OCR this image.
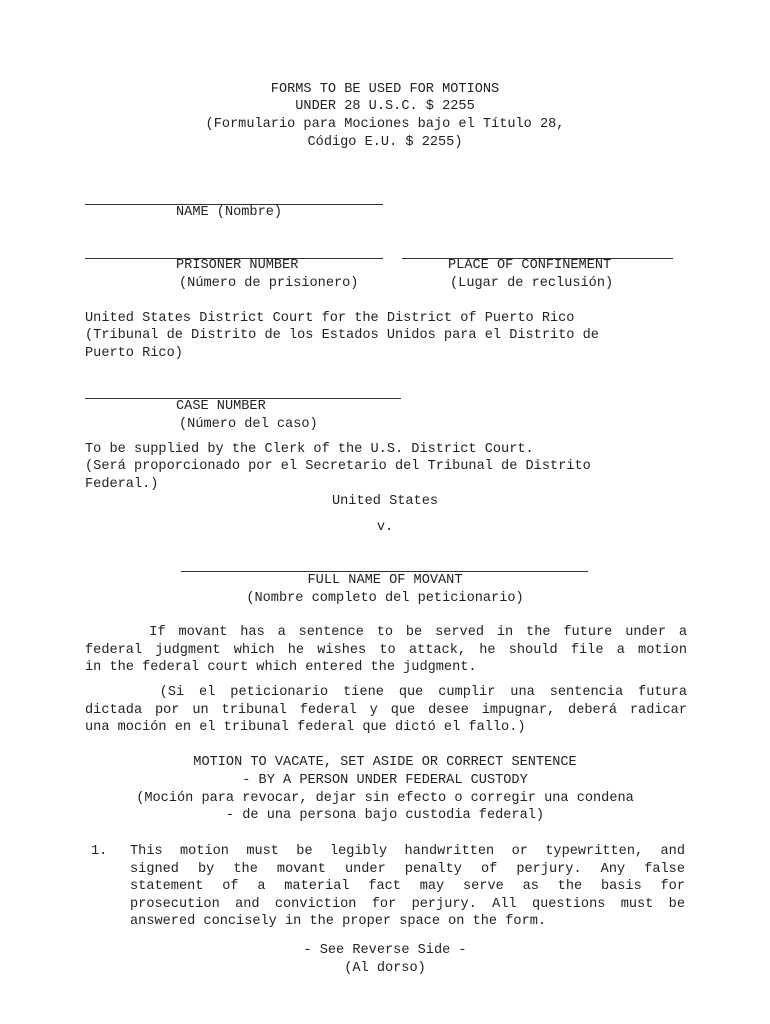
FORMS TO BE USED FOR MOTIONS
UNDER 28 U.S.C. $ 2255
(Formulario para Mociones bajo el Título 28,
Código E.U. $ 2255)
NAME (Nombre)
PRISONER NUMBER
(Número de prisionero)
PLACE OF CONFINEMENT
(Lugar de reclusión)
United States District Court for the District of Puerto Rico
(Tribunal de Distrito de los Estados Unidos para el Distrito de
Puerto Rico)
CASE NUMBER
(Número del caso)
To be supplied by the Clerk of the U.S. District Court.
(Será proporcionado por el Secretario del Tribunal de Distrito
Federal.)
United States
v.
FULL NAME OF MOVANT
(Nombre completo del peticionario)
If movant has a sentence to be served in the future under a
federal judgment which he wishes to attack, he should file a motion
in the federal court which entered the judgment.
(Si el peticionario tiene que cumplir una sentencia futura
dictada por un tribunal federal y que desee impugnar, deberá radicar
una moción en el tribunal federal que dictó el fallo.)
MOTION TO VACATE, SET ASIDE OR CORRECT SENTENCE
- BY A PERSON UNDER FEDERAL CUSTODY
(Moción para revocar, dejar sin efecto o corregir una condena
- de una persona bajo custodia federal)
1. This motion must be legibly handwritten or typewritten, and
signed by the movant under penalty of perjury. Any false
statement of a material fact may serve as the basis for
prosecution and conviction for perjury. All questions must be
answered concisely in the proper space on the form.
- See Reverse Side -
(Al dorso)
